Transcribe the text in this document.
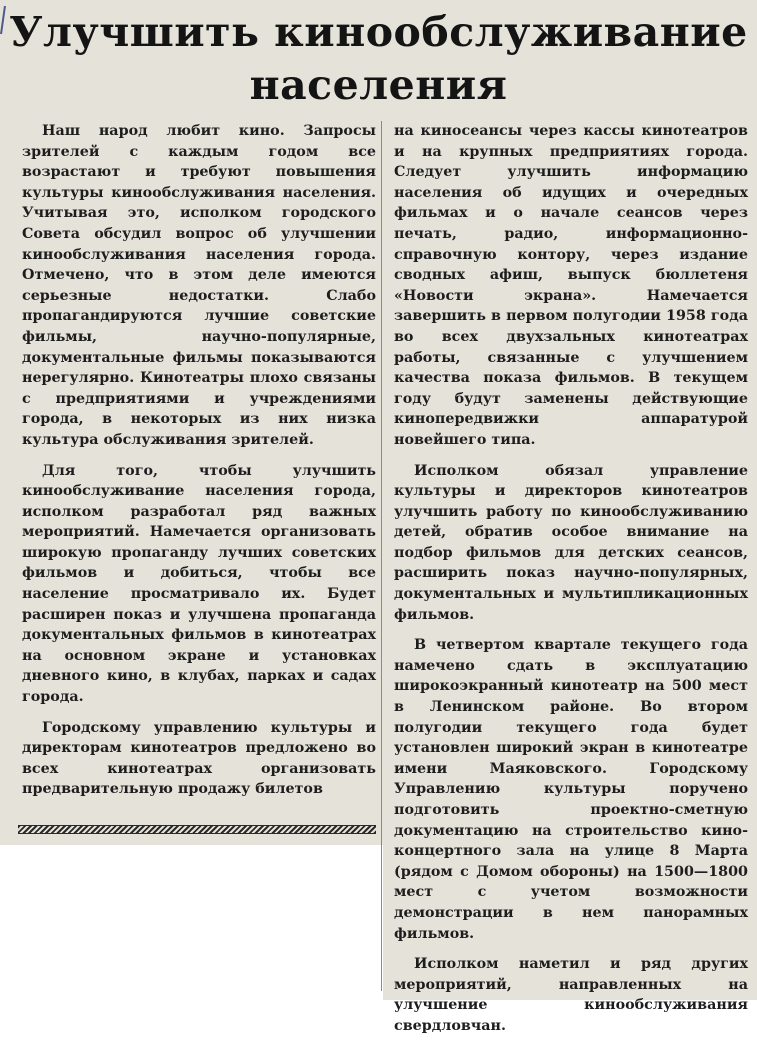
Улучшить кинообслуживание
населения

Наш народ любит кино. Запросы зрителей с каждым годом все возрастают и требуют повышения культуры кинообслуживания населения. Учитывая это, исполком городского Совета обсудил вопрос об улучшении кинообслуживания населения города. Отмечено, что в этом деле имеются серьезные недостатки. Слабо пропагандируются лучшие советские фильмы, научно-популярные, документальные фильмы показываются нерегулярно. Кинотеатры плохо связаны с предприятиями и учреждениями города, в некоторых из них низка культура обслуживания зрителей.

Для того, чтобы улучшить кинообслуживание населения города, исполком разработал ряд важных мероприятий. Намечается организовать широкую пропаганду лучших советских фильмов и добиться, чтобы все население просматривало их. Будет расширен показ и улучшена пропаганда документальных фильмов в кинотеатрах на основном экране и установках дневного кино, в клубах, парках и садах города.

Городскому управлению культуры и директорам кинотеатров предложено во всех кинотеатрах организовать предварительную продажу билетов

на киносеансы через кассы кинотеатров и на крупных предприятиях города. Следует улучшить информацию населения об идущих и очередных фильмах и о начале сеансов через печать, радио, информационно-справочную контору, через издание сводных афиш, выпуск бюллетеня «Новости экрана». Намечается завершить в первом полугодии 1958 года во всех двухзальных кинотеатрах работы, связанные с улучшением качества показа фильмов. В текущем году будут заменены действующие кинопередвижки аппаратурой новейшего типа.

Исполком обязал управление культуры и директоров кинотеатров улучшить работу по кинообслуживанию детей, обратив особое внимание на подбор фильмов для детских сеансов, расширить показ научно-популярных, документальных и мультипликационных фильмов.

В четвертом квартале текущего года намечено сдать в эксплуатацию широкоэкранный кинотеатр на 500 мест в Ленинском районе. Во втором полугодии текущего года будет установлен широкий экран в кинотеатре имени Маяковского. Городскому Управлению культуры поручено подготовить проектно-сметную документацию на строительство кино-концертного зала на улице 8 Марта (рядом с Домом обороны) на 1500—1800 мест с учетом возможности демонстрации в нем панорамных фильмов.

Исполком наметил и ряд других мероприятий, направленных на улучшение кинообслуживания свердловчан.
